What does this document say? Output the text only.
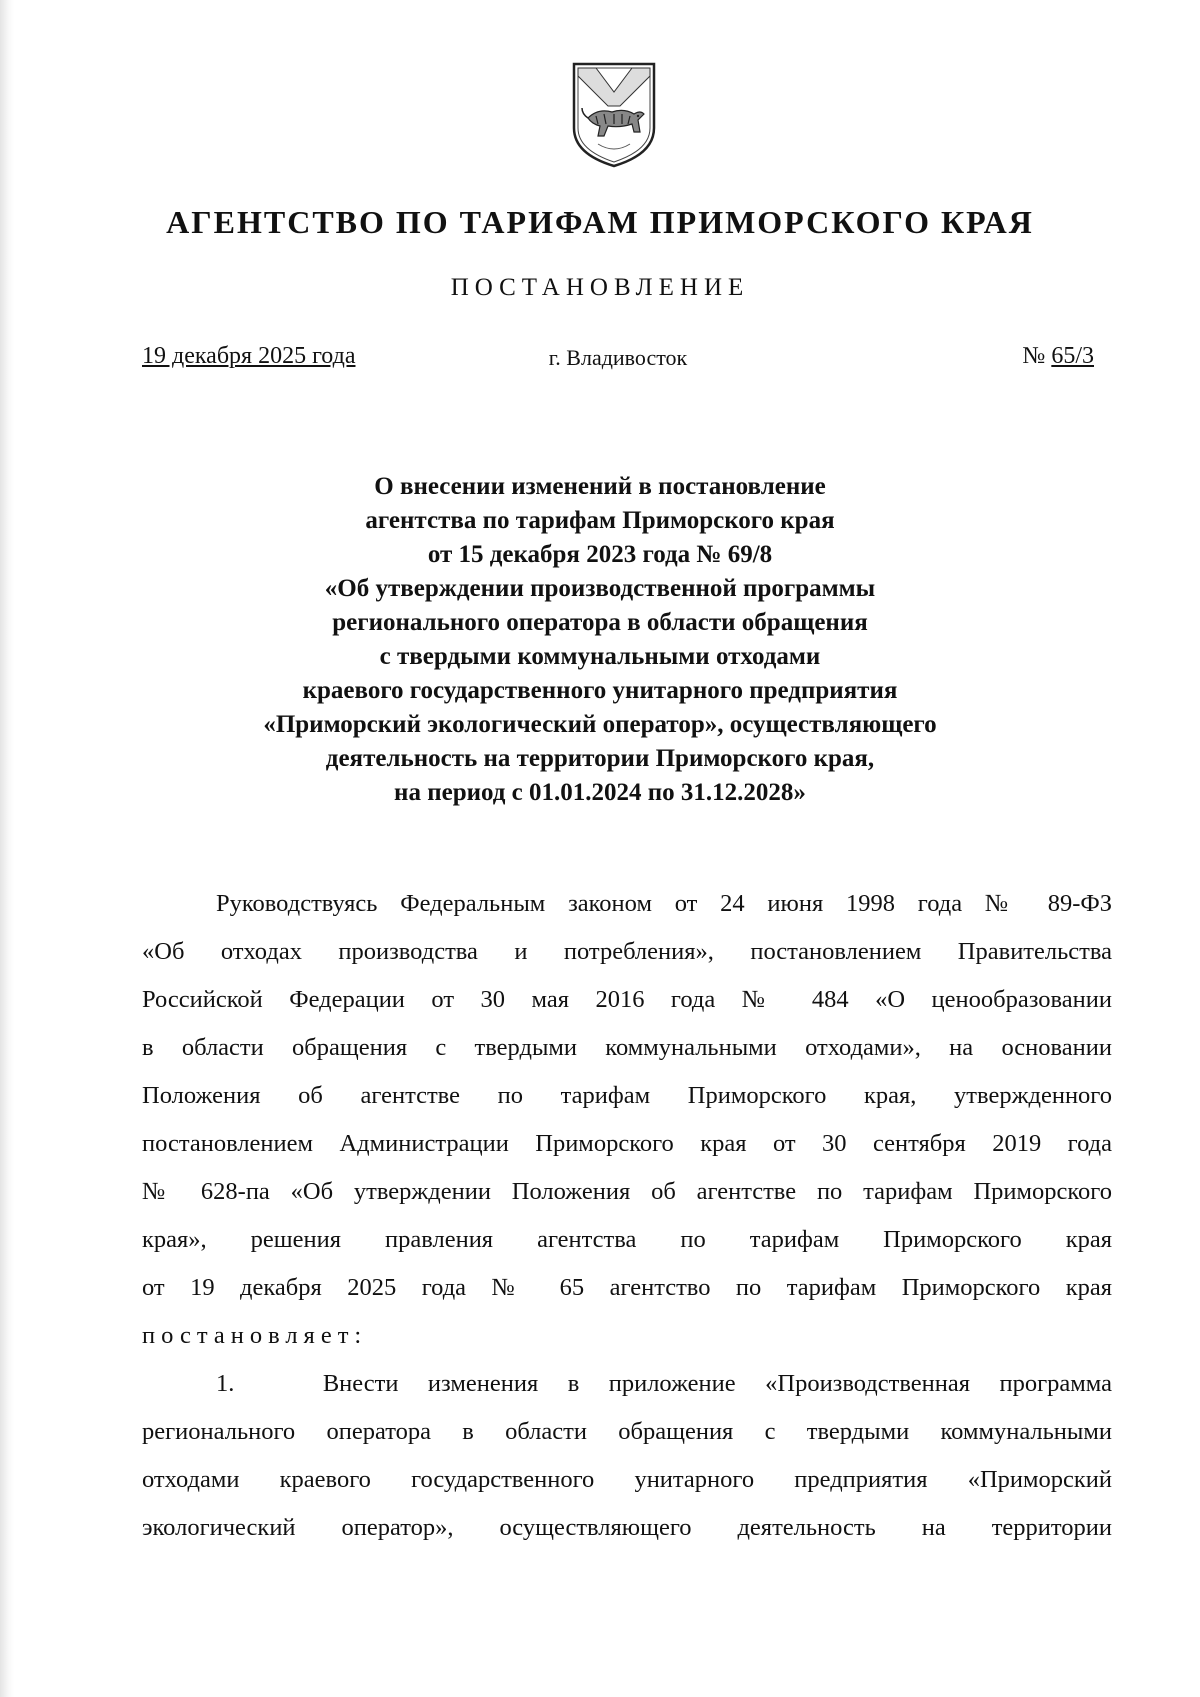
АГЕНТСТВО ПО ТАРИФАМ ПРИМОРСКОГО КРАЯ
ПОСТАНОВЛЕНИЕ
19 декабря 2025 года	г. Владивосток	№ 65/3
О внесении изменений в постановление
агентства по тарифам Приморского края
от 15 декабря 2023 года № 69/8
«Об утверждении производственной программы
регионального оператора в области обращения
с твердыми коммунальными отходами
краевого государственного унитарного предприятия
«Приморский экологический оператор», осуществляющего
деятельность на территории Приморского края,
на период с 01.01.2024 по 31.12.2028»
Руководствуясь Федеральным законом от 24 июня 1998 года № 89-ФЗ
«Об отходах производства и потребления», постановлением Правительства
Российской Федерации от 30 мая 2016 года № 484 «О ценообразовании
в области обращения с твердыми коммунальными отходами», на основании
Положения об агентстве по тарифам Приморского края, утвержденного
постановлением Администрации Приморского края от 30 сентября 2019 года
№ 628-па «Об утверждении Положения об агентстве по тарифам Приморского
края», решения правления агентства по тарифам Приморского края
от 19 декабря 2025 года № 65 агентство по тарифам Приморского края
постановляет:
1.	Внести изменения в приложение «Производственная программа
регионального оператора в области обращения с твердыми коммунальными
отходами краевого государственного унитарного предприятия «Приморский
экологический оператор», осуществляющего деятельность на территории
